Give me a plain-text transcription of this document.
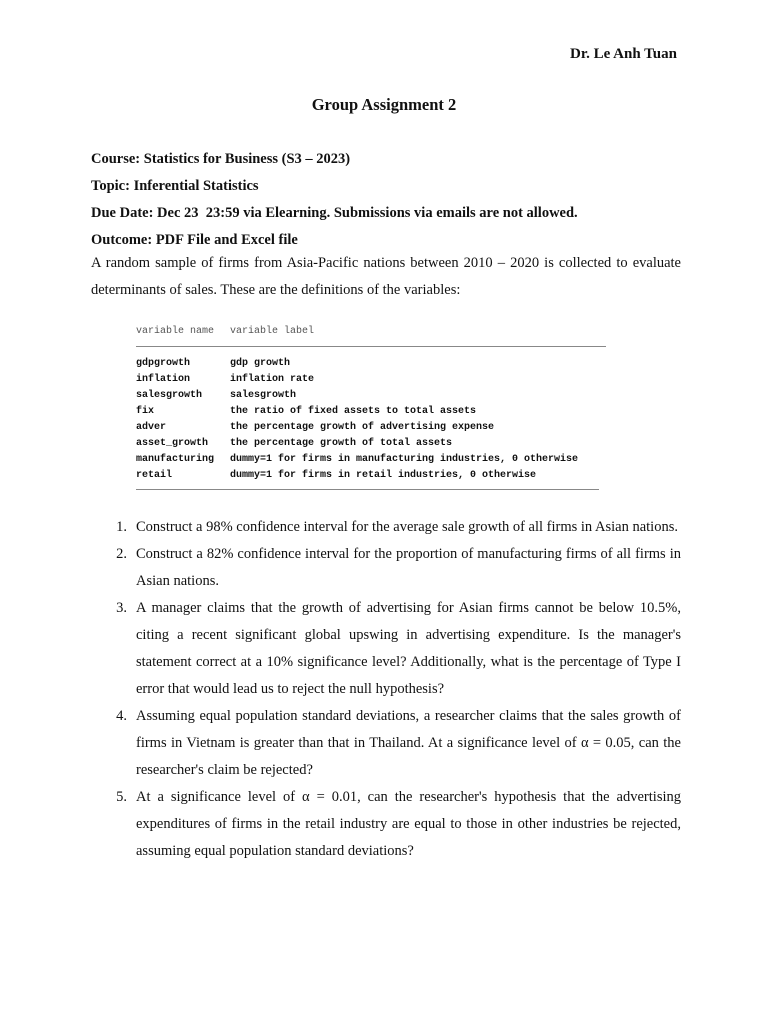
Dr. Le Anh Tuan
Group Assignment 2
Course: Statistics for Business (S3 – 2023)
Topic: Inferential Statistics
Due Date: Dec 23  23:59 via Elearning. Submissions via emails are not allowed.
Outcome: PDF File and Excel file
A random sample of firms from Asia-Pacific nations between 2010 – 2020 is collected to evaluate determinants of sales. These are the definitions of the variables:
variable name	variable label
gdpgrowth	gdp growth
inflation	inflation rate
salesgrowth	salesgrowth
fix	the ratio of fixed assets to total assets
adver	the percentage growth of advertising expense
asset_growth	the percentage growth of total assets
manufacturing	dummy=1 for firms in manufacturing industries, 0 otherwise
retail	dummy=1 for firms in retail industries, 0 otherwise
1. Construct a 98% confidence interval for the average sale growth of all firms in Asian nations.
2. Construct a 82% confidence interval for the proportion of manufacturing firms of all firms in Asian nations.
3. A manager claims that the growth of advertising for Asian firms cannot be below 10.5%, citing a recent significant global upswing in advertising expenditure. Is the manager's statement correct at a 10% significance level? Additionally, what is the percentage of Type I error that would lead us to reject the null hypothesis?
4. Assuming equal population standard deviations, a researcher claims that the sales growth of firms in Vietnam is greater than that in Thailand. At a significance level of α = 0.05, can the researcher's claim be rejected?
5. At a significance level of α = 0.01, can the researcher's hypothesis that the advertising expenditures of firms in the retail industry are equal to those in other industries be rejected, assuming equal population standard deviations?
